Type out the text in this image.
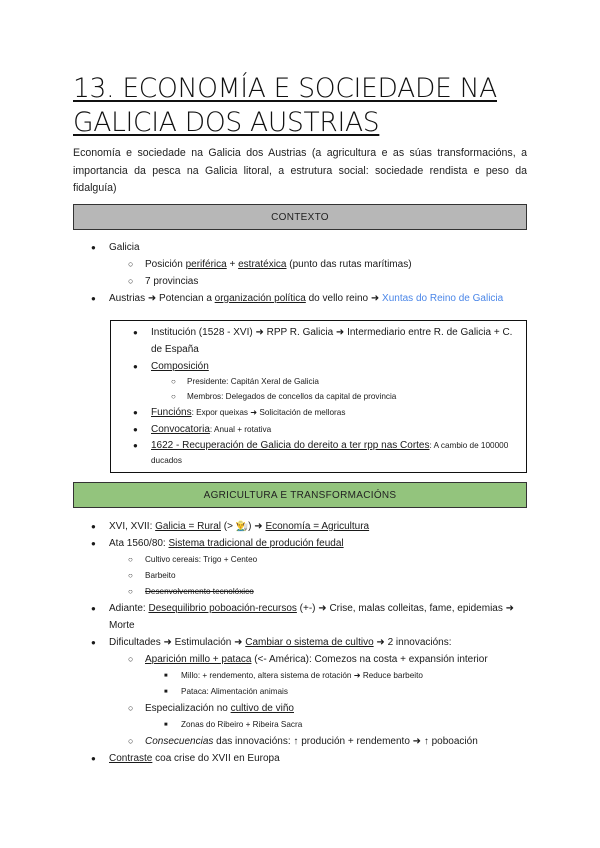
13. ECONOMÍA E SOCIEDADE NA GALICIA DOS AUSTRIAS

Economía e sociedade na Galicia dos Austrias (a agricultura e as súas transformacións, a importancia da pesca na Galicia litoral, a estrutura social: sociedade rendista e peso da fidalguía)

CONTEXTO
● Galicia
○ Posición periférica + estratéxica (punto das rutas marítimas)
○ 7 provincias
● Austrias ➜ Potencian a organización política do vello reino ➜ Xuntas do Reino de Galicia
● Institución (1528 - XVI) ➜ RPP R. Galicia ➜ Intermediario entre R. de Galicia + C. de España
● Composición
○ Presidente: Capitán Xeral de Galicia
○ Membros: Delegados de concellos da capital de provincia
● Funcións: Expor queixas ➜ Solicitación de melloras
● Convocatoria: Anual + rotativa
● 1622 - Recuperación de Galicia do dereito a ter rpp nas Cortes: A cambio de 100000 ducados
AGRICULTURA E TRANSFORMACIÓNS
● XVI, XVII: Galicia = Rural (> 👨‍🌾) ➜ Economía = Agricultura
● Ata 1560/80: Sistema tradicional de produción feudal
○ Cultivo cereais: Trigo + Centeo
○ Barbeito
○ Desenvolvemento tecnolóxico
● Adiante: Desequilibrio poboación-recursos (+-) ➜ Crise, malas colleitas, fame, epidemias ➜ Morte
● Dificultades ➜ Estimulación ➜ Cambiar o sistema de cultivo ➜ 2 innovacións:
○ Aparición millo + pataca (<- América): Comezos na costa + expansión interior
■ Millo: + rendemento, altera sistema de rotación ➜ Reduce barbeito
■ Pataca: Alimentación animais
○ Especialización no cultivo de viño
■ Zonas do Ribeiro + Ribeira Sacra
○ Consecuencias das innovacións: ↑ produción + rendemento ➜ ↑ poboación
● Contraste coa crise do XVII en Europa
